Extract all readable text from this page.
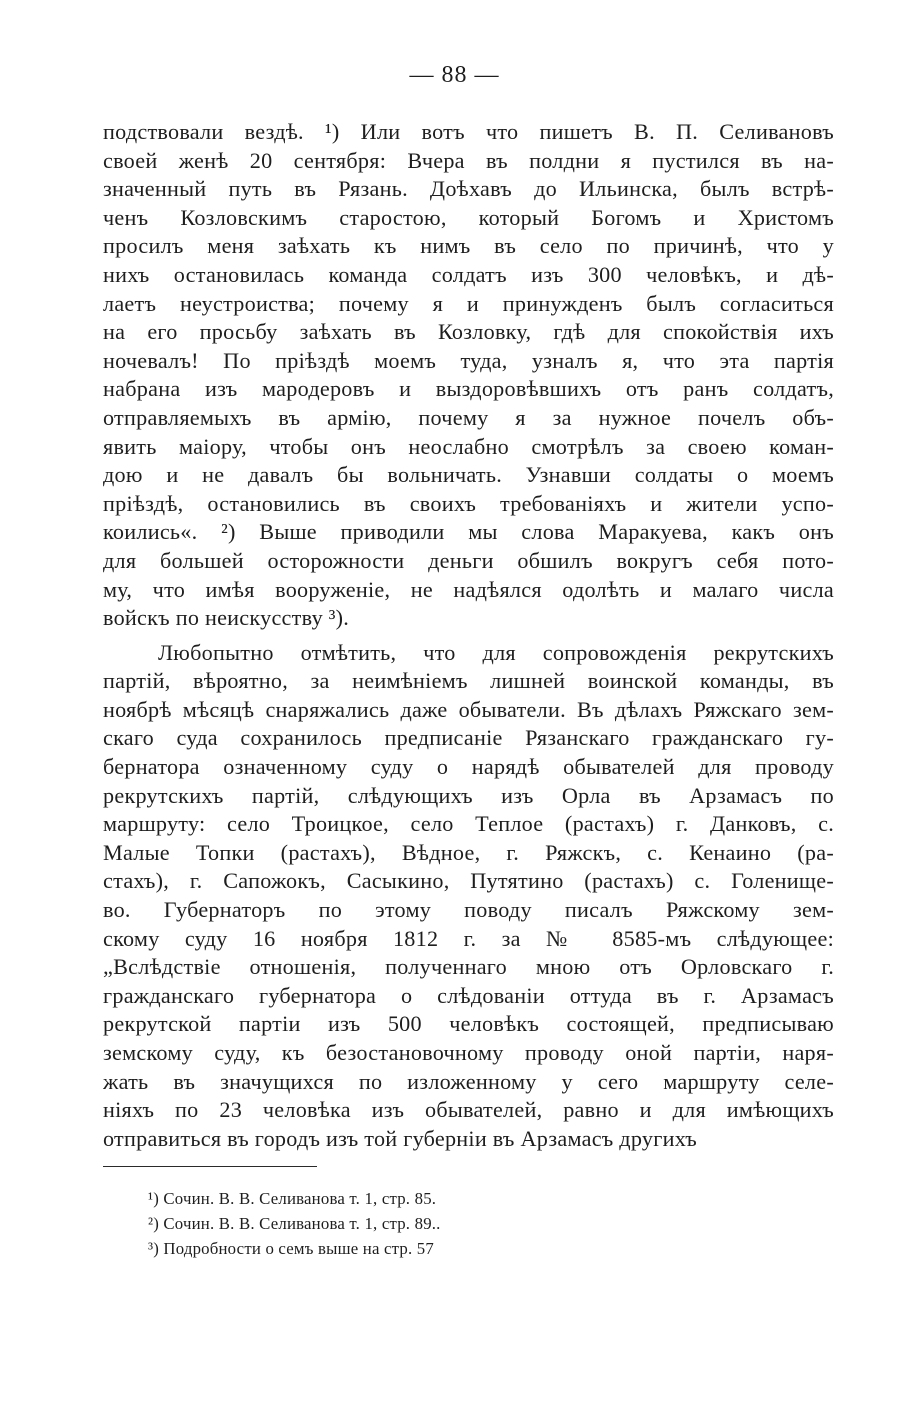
— 88 —
подствовали вездѣ. ¹) Или вотъ что пишетъ В. П. Селивановъ
своей женѣ 20 сентября: Вчера въ полдни я пустился въ на-
значенный путь въ Рязань. Доѣхавъ до Ильинска, былъ встрѣ-
ченъ Козловскимъ старостою, который Богомъ и Христомъ
просилъ меня заѣхать къ нимъ въ село по причинѣ, что у
нихъ остановилась команда солдатъ изъ 300 человѣкъ, и дѣ-
лаетъ неустроиства; почему я и принужденъ былъ согласиться
на его просьбу заѣхать въ Козловку, гдѣ для спокойствія ихъ
ночевалъ! По пріѣздѣ моемъ туда, узналъ я, что эта партія
набрана изъ мародеровъ и выздоровѣвшихъ отъ ранъ солдатъ,
отправляемыхъ въ армію, почему я за нужное почелъ объ-
явить маіору, чтобы онъ неослабно смотрѣлъ за своею коман-
дою и не давалъ бы вольничать. Узнавши солдаты о моемъ
пріѣздѣ, остановились въ своихъ требованіяхъ и жители успо-
коились«. ²) Выше приводили мы слова Маракуева, какъ онъ
для большей осторожности деньги обшилъ вокругъ себя пото-
му, что имѣя вооруженіе, не надѣялся одолѣть и малаго числа
войскъ по неискусству ³).
Любопытно отмѣтить, что для сопровожденія рекрутскихъ
партій, вѣроятно, за неимѣніемъ лишней воинской команды, въ
ноябрѣ мѣсяцѣ снаряжались даже обыватели. Въ дѣлахъ Ряжскаго зем-
скаго суда сохранилось предписаніе Рязанскаго гражданскаго гу-
бернатора означенному суду о нарядѣ обывателей для проводу
рекрутскихъ партій, слѣдующихъ изъ Орла въ Арзамасъ по
маршруту: село Троицкое, село Теплое (растахъ) г. Данковъ, с.
Малые Топки (растахъ), Вѣдное, г. Ряжскъ, с. Кенаино (ра-
стахъ), г. Сапожокъ, Сасыкино, Путятино (растахъ) с. Голенище-
во. Губернаторъ по этому поводу писалъ Ряжскому зем-
скому суду 16 ноября 1812 г. за № 8585-мъ слѣдующее:
„Вслѣдствіе отношенія, полученнаго мною отъ Орловскаго г.
гражданскаго губернатора о слѣдованіи оттуда въ г. Арзамасъ
рекрутской партіи изъ 500 человѣкъ состоящей, предписываю
земскому суду, къ безостановочному проводу оной партіи, наря-
жать въ значущихся по изложенному у сего маршруту селе-
ніяхъ по 23 человѣка изъ обывателей, равно и для имѣющихъ
отправиться въ городъ изъ той губерніи въ Арзамасъ другихъ
¹) Сочин. В. В. Селиванова т. 1, стр. 85.
²) Сочин. В. В. Селиванова т. 1, стр. 89..
³) Подробности о семъ выше на стр. 57
